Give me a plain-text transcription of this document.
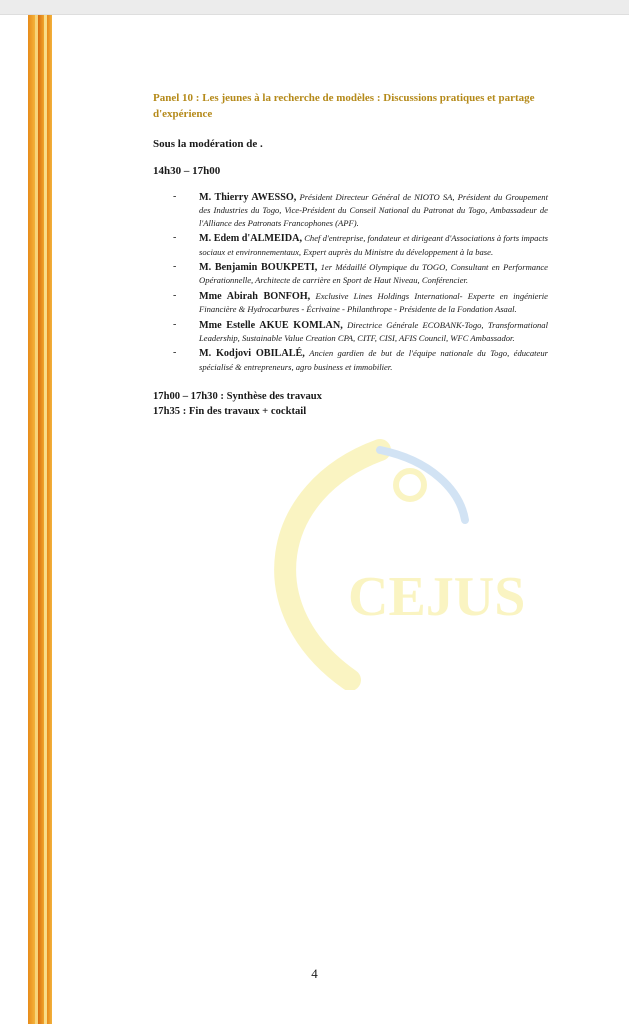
CEJUS

Panel 10 : Les jeunes à la recherche de modèles : Discussions pratiques et partage d'expérience

Sous la modération de .

14h30 – 17h00

- M. Thierry AWESSO, Président Directeur Général de NIOTO SA, Président du Groupement des Industries du Togo, Vice-Président du Conseil National du Patronat du Togo, Ambassadeur de l'Alliance des Patronats Francophones (APF).
- M. Edem d'ALMEIDA, Chef d'entreprise, fondateur et dirigeant d'Associations à forts impacts sociaux et environnementaux, Expert auprès du Ministre du développement à la base.
- M. Benjamin BOUKPETI, 1er Médaillé Olympique du TOGO, Consultant en Performance Opérationnelle, Architecte de carrière en Sport de Haut Niveau, Conférencier.
- Mme Abirah BONFOH, Exclusive Lines Holdings International- Experte en ingénierie Financière & Hydrocarbures - Écrivaine - Philanthrope - Présidente de la Fondation Asaal.
- Mme Estelle AKUE KOMLAN, Directrice Générale ECOBANK-Togo, Transformational Leadership, Sustainable Value Creation CPA, CITF, CISI, AFIS Council, WFC Ambassador.
- M. Kodjovi OBILALÉ, Ancien gardien de but de l'équipe nationale du Togo, éducateur spécialisé & entrepreneurs, agro business et immobilier.
17h00 – 17h30 : Synthèse des travaux
17h35 : Fin des travaux + cocktail
4
